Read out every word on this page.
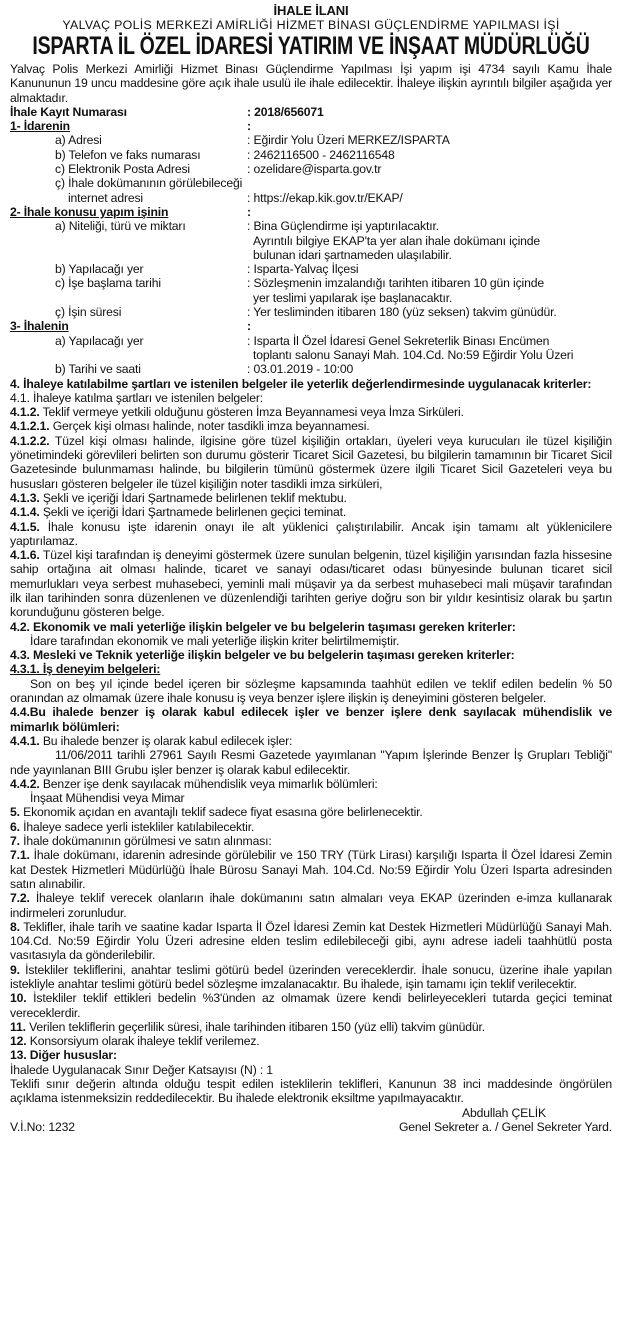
İHALE İLANI
YALVAÇ POLİS MERKEZİ AMİRLİĞİ HİZMET BİNASI GÜÇLENDİRME YAPILMASI İŞİ
ISPARTA İL ÖZEL İDARESİ YATIRIM VE İNŞAAT MÜDÜRLÜĞÜ

Yalvaç Polis Merkezi Amirliği Hizmet Binası Güçlendirme Yapılması İşi yapım işi 4734 sayılı Kamu İhale Kanununun 19 uncu maddesine göre açık ihale usulü ile ihale edilecektir. İhaleye ilişkin ayrıntılı bilgiler aşağıda yer almaktadır.

İhale Kayıt Numarası	: 2018/656071
1- İdarenin	:
a) Adresi	: Eğirdir Yolu Üzeri MERKEZ/ISPARTA
b) Telefon ve faks numarası	: 2462116500 - 2462116548
c) Elektronik Posta Adresi	: ozelidare@isparta.gov.tr
ç) İhale dokümanının görülebileceği
internet adresi	: https://ekap.kik.gov.tr/EKAP/
2- İhale konusu yapım işinin	:
a) Niteliği, türü ve miktarı	: Bina Güçlendirme işi yaptırılacaktır.
Ayrıntılı bilgiye EKAP'ta yer alan ihale dokümanı içinde
bulunan idari şartnameden ulaşılabilir.
b) Yapılacağı yer	: Isparta-Yalvaç İlçesi
c) İşe başlama tarihi	: Sözleşmenin imzalandığı tarihten itibaren 10 gün içinde
yer teslimi yapılarak işe başlanacaktır.
ç) İşin süresi	: Yer tesliminden itibaren 180 (yüz seksen) takvim günüdür.
3- İhalenin	:
a) Yapılacağı yer	: Isparta İl Özel İdaresi Genel Sekreterlik Binası Encümen
toplantı salonu Sanayi Mah. 104.Cd. No:59 Eğirdir Yolu Üzeri
b) Tarihi ve saati	: 03.01.2019 - 10:00

4. İhaleye katılabilme şartları ve istenilen belgeler ile yeterlik değerlendirmesinde uygulanacak kriterler:

4.1. İhaleye katılma şartları ve istenilen belgeler:

4.1.2. Teklif vermeye yetkili olduğunu gösteren İmza Beyannamesi veya İmza Sirküleri.

4.1.2.1. Gerçek kişi olması halinde, noter tasdikli imza beyannamesi.

4.1.2.2. Tüzel kişi olması halinde, ilgisine göre tüzel kişiliğin ortakları, üyeleri veya kurucuları ile tüzel kişiliğin yönetimindeki görevlileri belirten son durumu gösterir Ticaret Sicil Gazetesi, bu bilgilerin tamamının bir Ticaret Sicil Gazetesinde bulunmaması halinde, bu bilgilerin tümünü göstermek üzere ilgili Ticaret Sicil Gazeteleri veya bu hususları gösteren belgeler ile tüzel kişiliğin noter tasdikli imza sirküleri,

4.1.3. Şekli ve içeriği İdari Şartnamede belirlenen teklif mektubu.

4.1.4. Şekli ve içeriği İdari Şartnamede belirlenen geçici teminat.

4.1.5. İhale konusu işte idarenin onayı ile alt yüklenici çalıştırılabilir. Ancak işin tamamı alt yüklenicilere yaptırılamaz.

4.1.6. Tüzel kişi tarafından iş deneyimi göstermek üzere sunulan belgenin, tüzel kişiliğin yarısından fazla hissesine sahip ortağına ait olması halinde, ticaret ve sanayi odası/ticaret odası bünyesinde bulunan ticaret sicil memurlukları veya serbest muhasebeci, yeminli mali müşavir ya da serbest muhasebeci mali müşavir tarafından ilk ilan tarihinden sonra düzenlenen ve düzenlendiği tarihten geriye doğru son bir yıldır kesintisiz olarak bu şartın korunduğunu gösteren belge.

4.2. Ekonomik ve mali yeterliğe ilişkin belgeler ve bu belgelerin taşıması gereken kriterler:

İdare tarafından ekonomik ve mali yeterliğe ilişkin kriter belirtilmemiştir.

4.3. Mesleki ve Teknik yeterliğe ilişkin belgeler ve bu belgelerin taşıması gereken kriterler:

4.3.1. İş deneyim belgeleri:

Son on beş yıl içinde bedel içeren bir sözleşme kapsamında taahhüt edilen ve teklif edilen bedelin % 50 oranından az olmamak üzere ihale konusu iş veya benzer işlere ilişkin iş deneyimini gösteren belgeler.

4.4.Bu ihalede benzer iş olarak kabul edilecek işler ve benzer işlere denk sayılacak mühendislik ve mimarlık bölümleri:

4.4.1. Bu ihalede benzer iş olarak kabul edilecek işler:

11/06/2011 tarihli 27961 Sayılı Resmi Gazetede yayımlanan "Yapım İşlerinde Benzer İş Grupları Tebliği" nde yayınlanan BIII Grubu işler benzer iş olarak kabul edilecektir.

4.4.2. Benzer işe denk sayılacak mühendislik veya mimarlık bölümleri:

İnşaat Mühendisi veya Mimar

5. Ekonomik açıdan en avantajlı teklif sadece fiyat esasına göre belirlenecektir.

6. İhaleye sadece yerli istekliler katılabilecektir.

7. İhale dokümanının görülmesi ve satın alınması:

7.1. İhale dokümanı, idarenin adresinde görülebilir ve 150 TRY (Türk Lirası) karşılığı Isparta İl Özel İdaresi Zemin kat Destek Hizmetleri Müdürlüğü İhale Bürosu Sanayi Mah. 104.Cd. No:59 Eğirdir Yolu Üzeri Isparta adresinden satın alınabilir.

7.2. İhaleye teklif verecek olanların ihale dokümanını satın almaları veya EKAP üzerinden e-imza kullanarak indirmeleri zorunludur.

8. Teklifler, ihale tarih ve saatine kadar Isparta İl Özel İdaresi Zemin kat Destek Hizmetleri Müdürlüğü Sanayi Mah. 104.Cd. No:59 Eğirdir Yolu Üzeri adresine elden teslim edilebileceği gibi, aynı adrese iadeli taahhütlü posta vasıtasıyla da gönderilebilir.

9. İstekliler tekliflerini, anahtar teslimi götürü bedel üzerinden vereceklerdir. İhale sonucu, üzerine ihale yapılan istekliyle anahtar teslimi götürü bedel sözleşme imzalanacaktır. Bu ihalede, işin tamamı için teklif verilecektir.

10. İstekliler teklif ettikleri bedelin %3'ünden az olmamak üzere kendi belirleyecekleri tutarda geçici teminat vereceklerdir.

11. Verilen tekliflerin geçerlilik süresi, ihale tarihinden itibaren 150 (yüz elli) takvim günüdür.

12. Konsorsiyum olarak ihaleye teklif verilemez.

13. Diğer hususlar:

İhalede Uygulanacak Sınır Değer Katsayısı (N) : 1

Teklifi sınır değerin altında olduğu tespit edilen isteklilerin teklifleri, Kanunun 38 inci maddesinde öngörülen açıklama istenmeksizin reddedilecektir. Bu ihalede elektronik eksiltme yapılmayacaktır.

Abdullah ÇELİK

V.İ.No: 1232	Genel Sekreter a. / Genel Sekreter Yard.
